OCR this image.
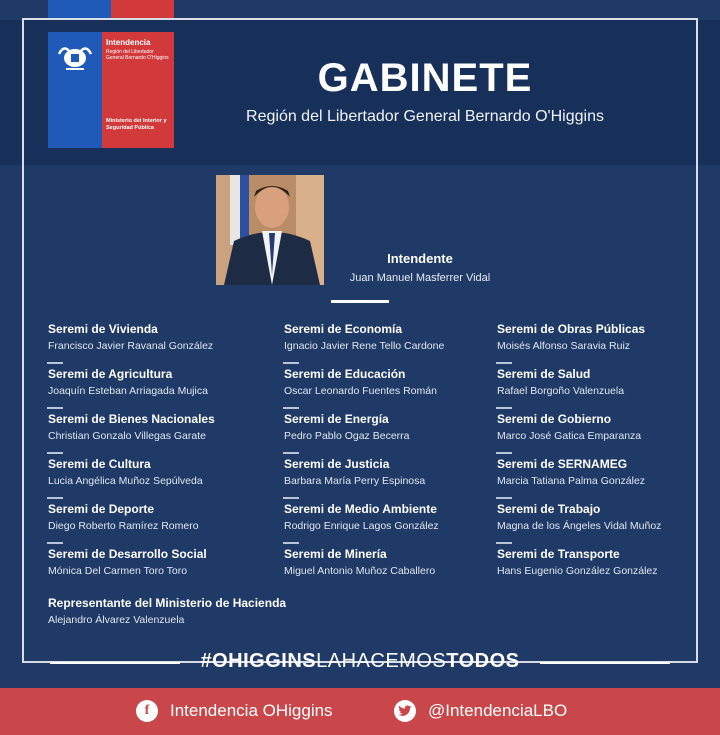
Intendencia
Región del Libertador General Bernardo O'Higgins
Ministerio del Interior y Seguridad Pública
GABINETE
Región del Libertador General Bernardo O'Higgins
Intendente
Juan Manuel Masferrer Vidal
Seremi de Vivienda
Francisco Javier Ravanal González
Seremi de Agricultura
Joaquín Esteban Arriagada Mujica
Seremi de Bienes Nacionales
Christian Gonzalo Villegas Garate
Seremi de Cultura
Lucia Angélica Muñoz Sepúlveda
Seremi de Deporte
Diego Roberto Ramírez Romero
Seremi de Desarrollo Social
Mónica Del Carmen Toro Toro
Seremi de Economía
Ignacio Javier Rene Tello Cardone
Seremi de Educación
Oscar Leonardo Fuentes Román
Seremi de Energía
Pedro Pablo Ogaz Becerra
Seremi de Justicia
Barbara María Perry Espinosa
Seremi de Medio Ambiente
Rodrigo Enrique Lagos González
Seremi de Minería
Miguel Antonio Muñoz Caballero
Seremi de Obras Públicas
Moisés Alfonso Saravia Ruiz
Seremi de Salud
Rafael Borgoño Valenzuela
Seremi de Gobierno
Marco José Gatica Emparanza
Seremi de SERNAMEG
Marcia Tatiana Palma González
Seremi de Trabajo
Magna de los Ángeles Vidal Muñoz
Seremi de Transporte
Hans Eugenio González González
Representante del Ministerio de Hacienda
Alejandro Álvarez Valenzuela
#OHIGGINSLAHACEMOSTODOS
f	Intendencia OHiggins	@IntendenciaLBO
